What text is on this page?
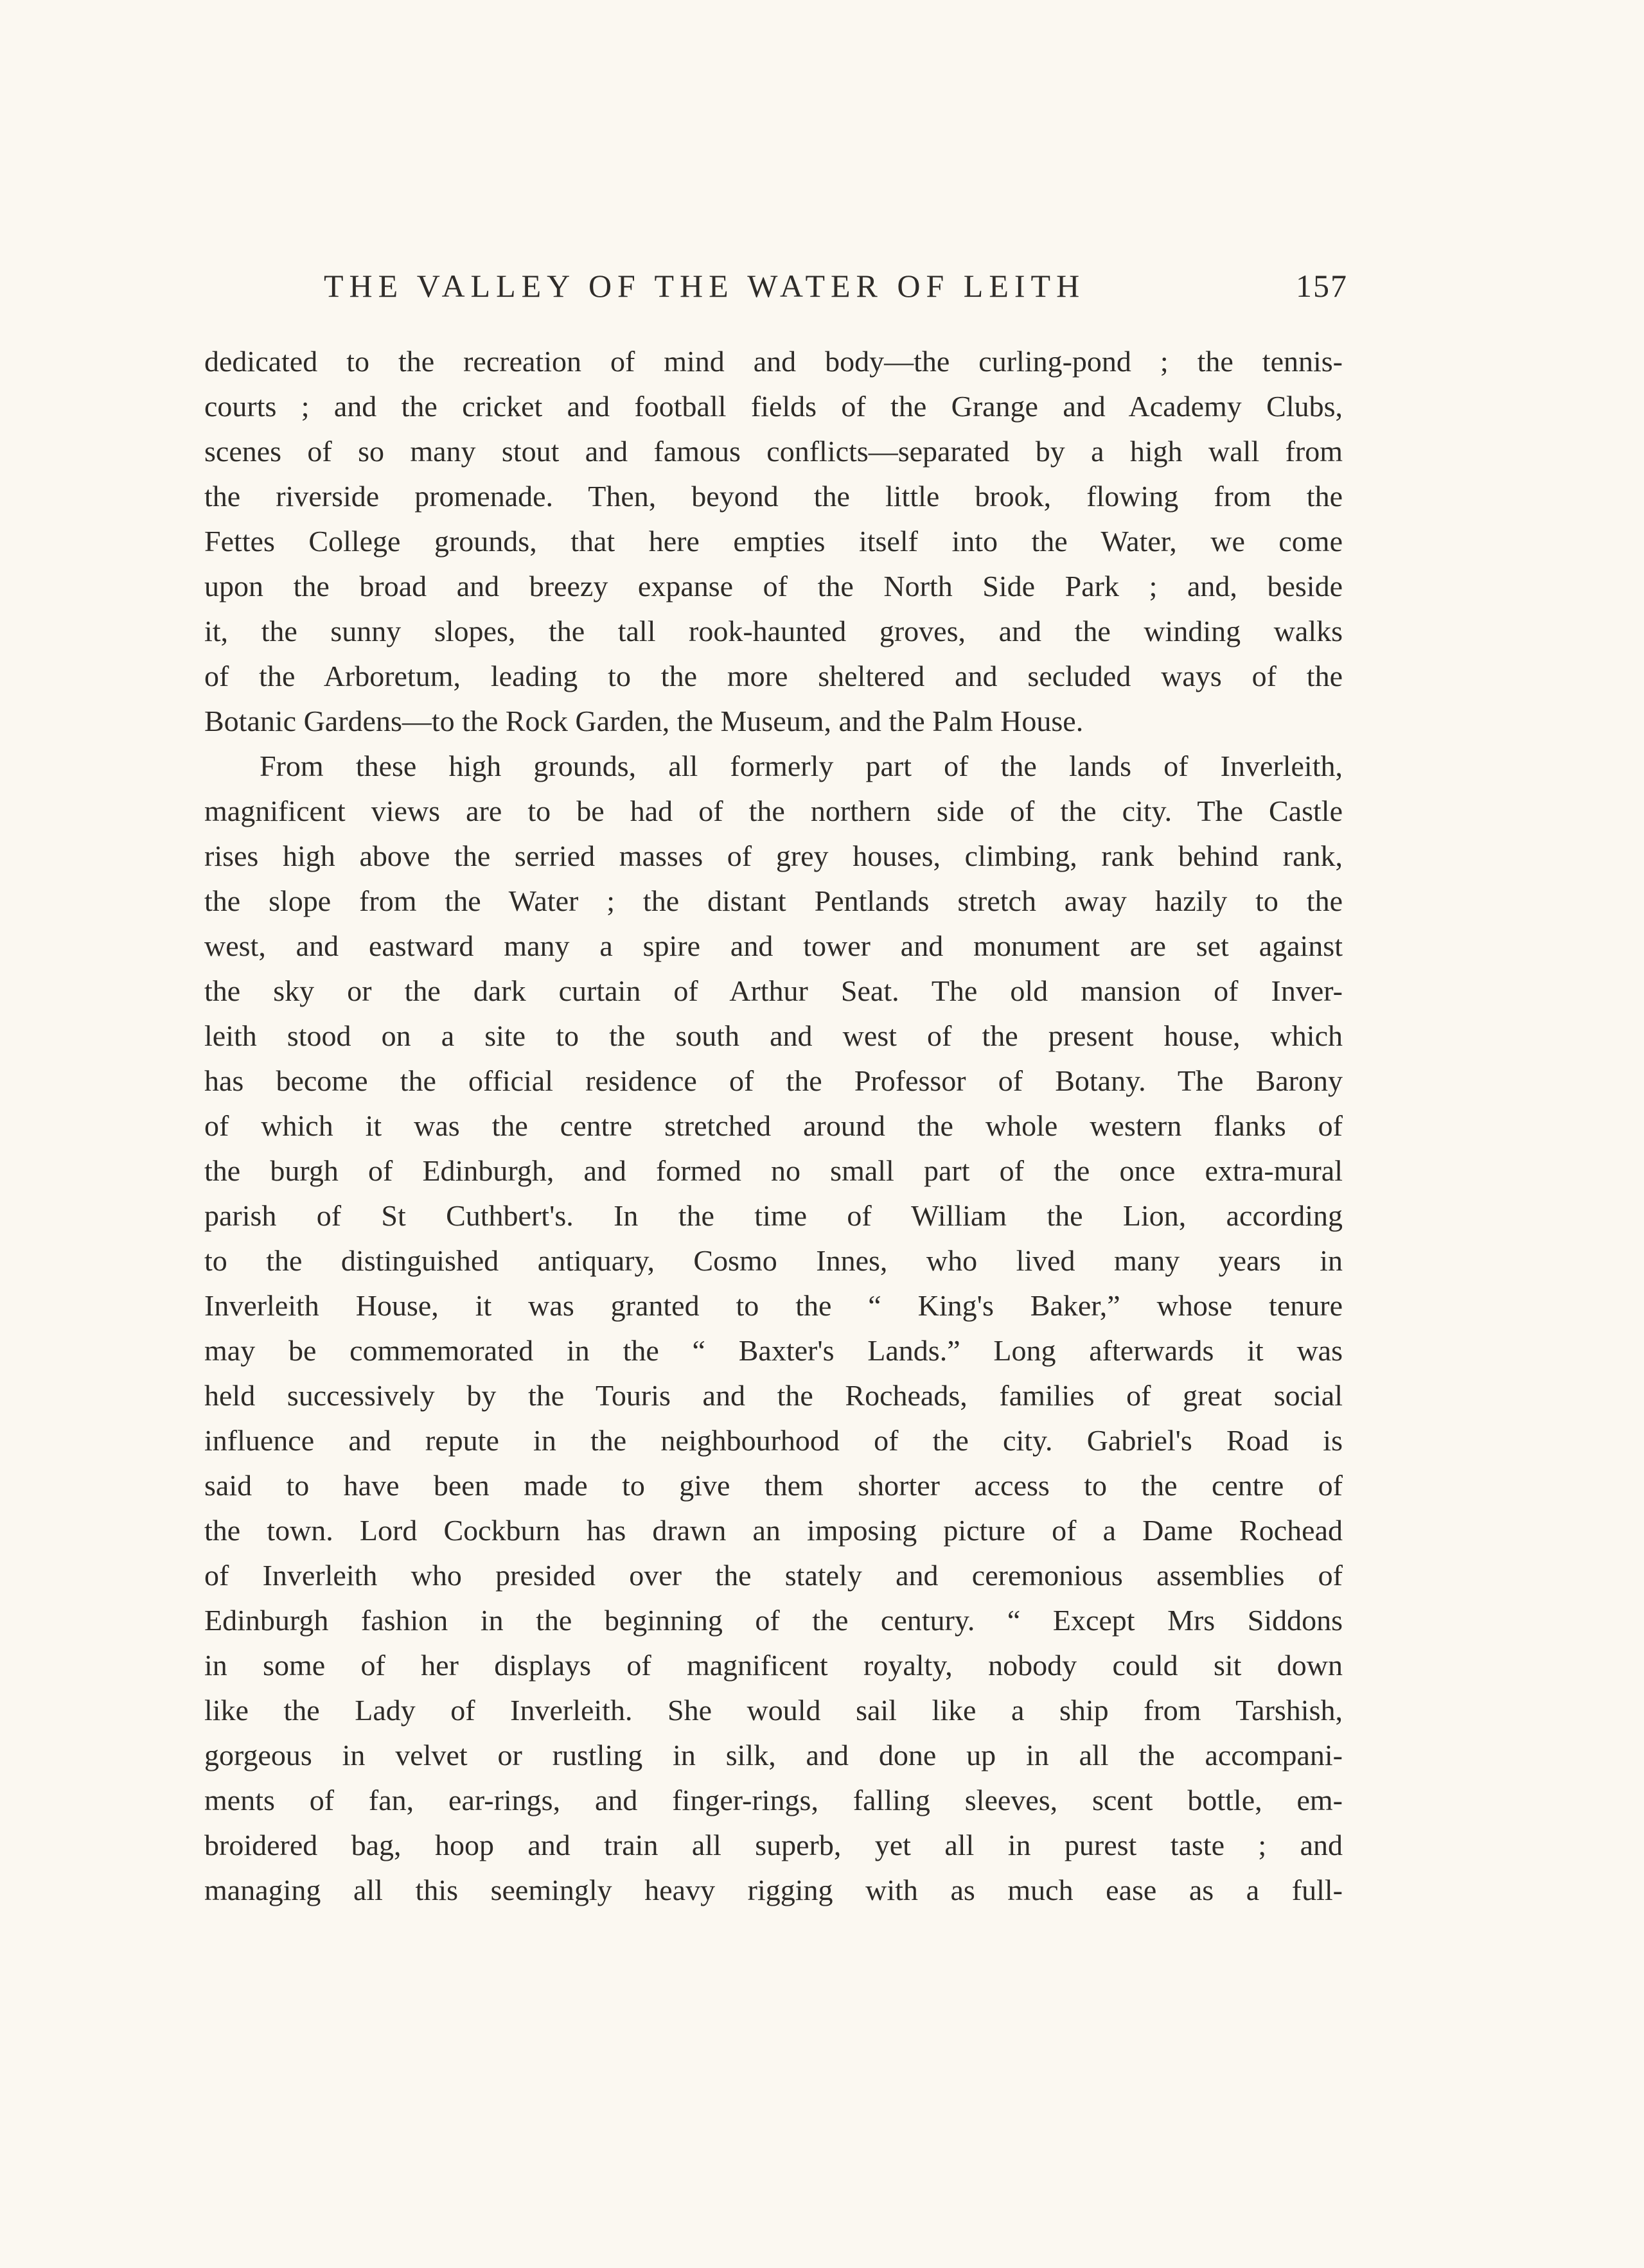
THE VALLEY OF THE WATER OF LEITH	157
dedicated to the recreation of mind and body—the curling-pond ; the tennis-
courts ; and the cricket and football fields of the Grange and Academy Clubs,
scenes of so many stout and famous conflicts—separated by a high wall from
the riverside promenade. Then, beyond the little brook, flowing from the
Fettes College grounds, that here empties itself into the Water, we come
upon the broad and breezy expanse of the North Side Park ; and, beside
it, the sunny slopes, the tall rook-haunted groves, and the winding walks
of the Arboretum, leading to the more sheltered and secluded ways of the
Botanic Gardens—to the Rock Garden, the Museum, and the Palm House.
From these high grounds, all formerly part of the lands of Inverleith,
magnificent views are to be had of the northern side of the city. The Castle
rises high above the serried masses of grey houses, climbing, rank behind rank,
the slope from the Water ; the distant Pentlands stretch away hazily to the
west, and eastward many a spire and tower and monument are set against
the sky or the dark curtain of Arthur Seat. The old mansion of Inver-
leith stood on a site to the south and west of the present house, which
has become the official residence of the Professor of Botany. The Barony
of which it was the centre stretched around the whole western flanks of
the burgh of Edinburgh, and formed no small part of the once extra-mural
parish of St Cuthbert's. In the time of William the Lion, according
to the distinguished antiquary, Cosmo Innes, who lived many years in
Inverleith House, it was granted to the “ King's Baker,” whose tenure
may be commemorated in the “ Baxter's Lands.” Long afterwards it was
held successively by the Touris and the Rocheads, families of great social
influence and repute in the neighbourhood of the city. Gabriel's Road is
said to have been made to give them shorter access to the centre of
the town. Lord Cockburn has drawn an imposing picture of a Dame Rochead
of Inverleith who presided over the stately and ceremonious assemblies of
Edinburgh fashion in the beginning of the century. “ Except Mrs Siddons
in some of her displays of magnificent royalty, nobody could sit down
like the Lady of Inverleith. She would sail like a ship from Tarshish,
gorgeous in velvet or rustling in silk, and done up in all the accompani-
ments of fan, ear-rings, and finger-rings, falling sleeves, scent bottle, em-
broidered bag, hoop and train all superb, yet all in purest taste ; and
managing all this seemingly heavy rigging with as much ease as a full-
